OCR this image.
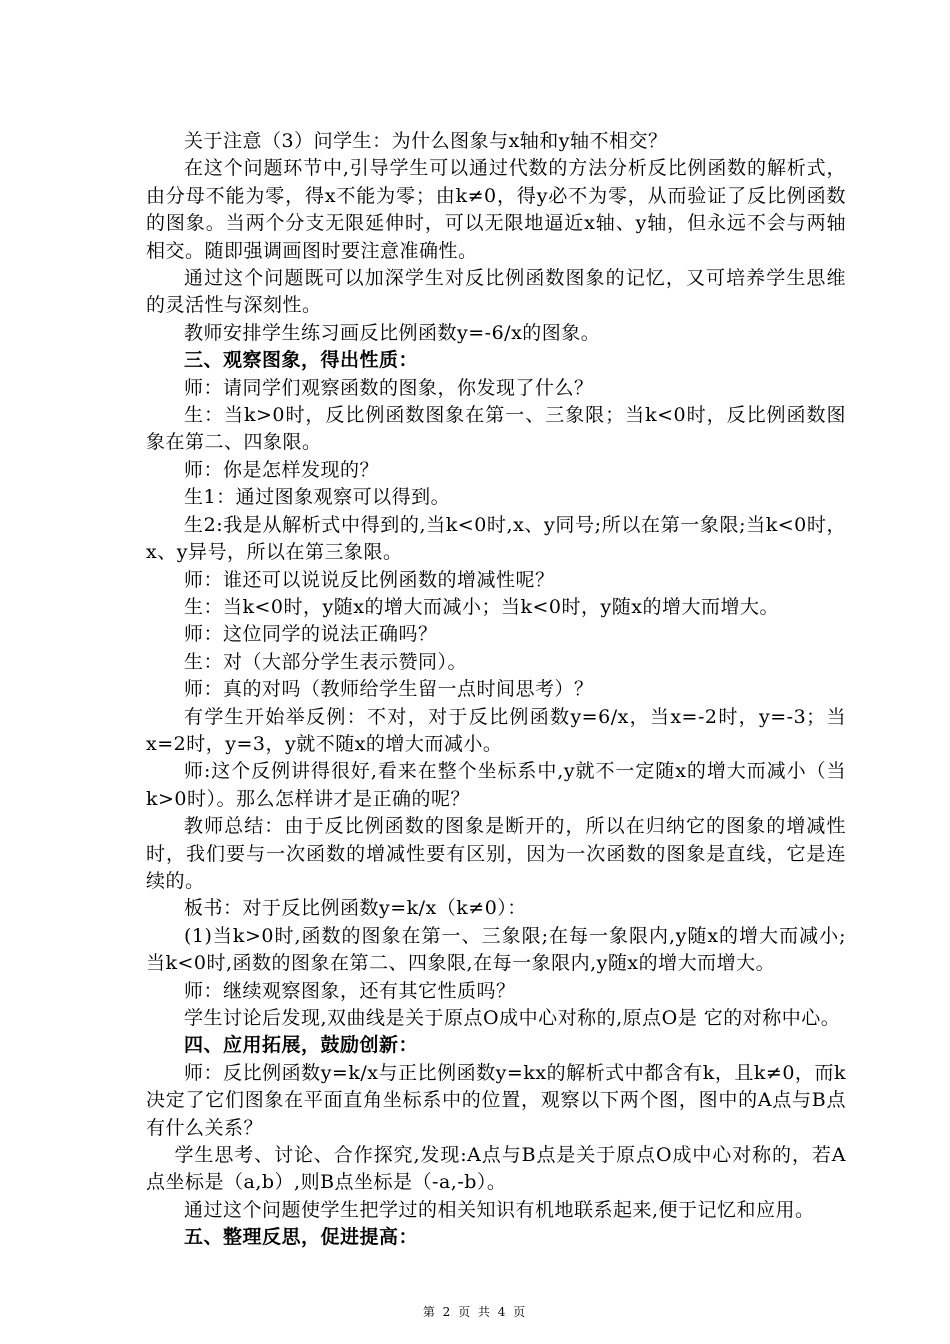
关于注意（3）问学生：为什么图象与x轴和y轴不相交？

在这个问题环节中,引导学生可以通过代数的方法分析反比例函数的解析式，由分母不能为零，得x不能为零；由k≠0，得y必不为零，从而验证了反比例函数的图象。当两个分支无限延伸时，可以无限地逼近x轴、y轴，但永远不会与两轴相交。随即强调画图时要注意准确性。

通过这个问题既可以加深学生对反比例函数图象的记忆，又可培养学生思维的灵活性与深刻性。

教师安排学生练习画反比例函数y=-6/x的图象。

三、观察图象，得出性质：

师：请同学们观察函数的图象，你发现了什么？

生：当k>0时，反比例函数图象在第一、三象限；当k<0时，反比例函数图象在第二、四象限。

师：你是怎样发现的？

生1：通过图象观察可以得到。

生2:我是从解析式中得到的,当k<0时,x、y同号;所以在第一象限;当k<0时，x、y异号，所以在第三象限。

师：谁还可以说说反比例函数的增减性呢？

生：当k<0时，y随x的增大而减小；当k<0时，y随x的增大而增大。

师：这位同学的说法正确吗？

生：对（大部分学生表示赞同）。

师：真的对吗（教师给学生留一点时间思考）？

有学生开始举反例：不对，对于反比例函数y=6/x，当x=-2时，y=-3；当x=2时，y=3，y就不随x的增大而减小。

师:这个反例讲得很好,看来在整个坐标系中,y就不一定随x的增大而减小（当k>0时）。那么怎样讲才是正确的呢？

教师总结：由于反比例函数的图象是断开的，所以在归纳它的图象的增减性时，我们要与一次函数的增减性要有区别，因为一次函数的图象是直线，它是连续的。

板书：对于反比例函数y=k/x（k≠0）：

(1)当k>0时,函数的图象在第一、三象限;在每一象限内,y随x的增大而减小;当k<0时,函数的图象在第二、四象限,在每一象限内,y随x的增大而增大。

师：继续观察图象，还有其它性质吗？

学生讨论后发现,双曲线是关于原点O成中心对称的,原点O是 它的对称中心。

四、应用拓展，鼓励创新：

师：反比例函数y=k/x与正比例函数y=kx的解析式中都含有k，且k≠0，而k决定了它们图象在平面直角坐标系中的位置，观察以下两个图，图中的A点与B点有什么关系？

学生思考、讨论、合作探究,发现:A点与B点是关于原点O成中心对称的，若A点坐标是（a,b）,则B点坐标是（-a,-b）。

通过这个问题使学生把学过的相关知识有机地联系起来,便于记忆和应用。

五、整理反思，促进提高：

第 2 页 共 4 页
